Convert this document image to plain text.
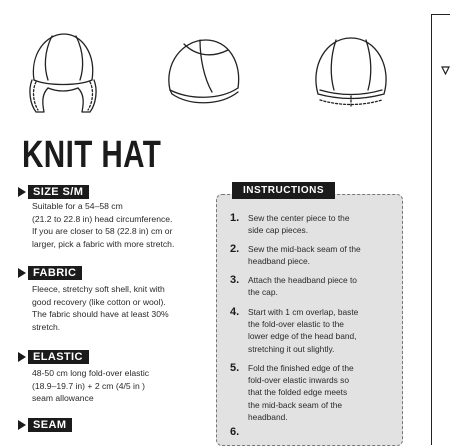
KNIT HAT
SIZE S/M
Suitable for a 54–58 cm
(21.2 to 22.8 in) head circumference.
If you are closer to 58 (22.8 in) cm or
larger, pick a fabric with more stretch.
FABRIC
Fleece, stretchy soft shell, knit with
good recovery (like cotton or wool).
The fabric should have at least 30%
stretch.
ELASTIC
48-50 cm long fold-over elastic
(18.9–19.7 in) + 2 cm (4/5 in )
seam allowance
SEAM
INSTRUCTIONS
1.	Sew the center piece to the
side cap pieces.
2.	Sew the mid-back seam of the
headband piece.
3.	Attach the headband piece to
the cap.
4.	Start with 1 cm overlap, baste
the fold-over elastic to the
lower edge of the head band,
stretching it out slightly.
5.	Fold the finished edge of the
fold-over elastic inwards so
that the folded edge meets
the mid-back seam of the
headband.
6.
